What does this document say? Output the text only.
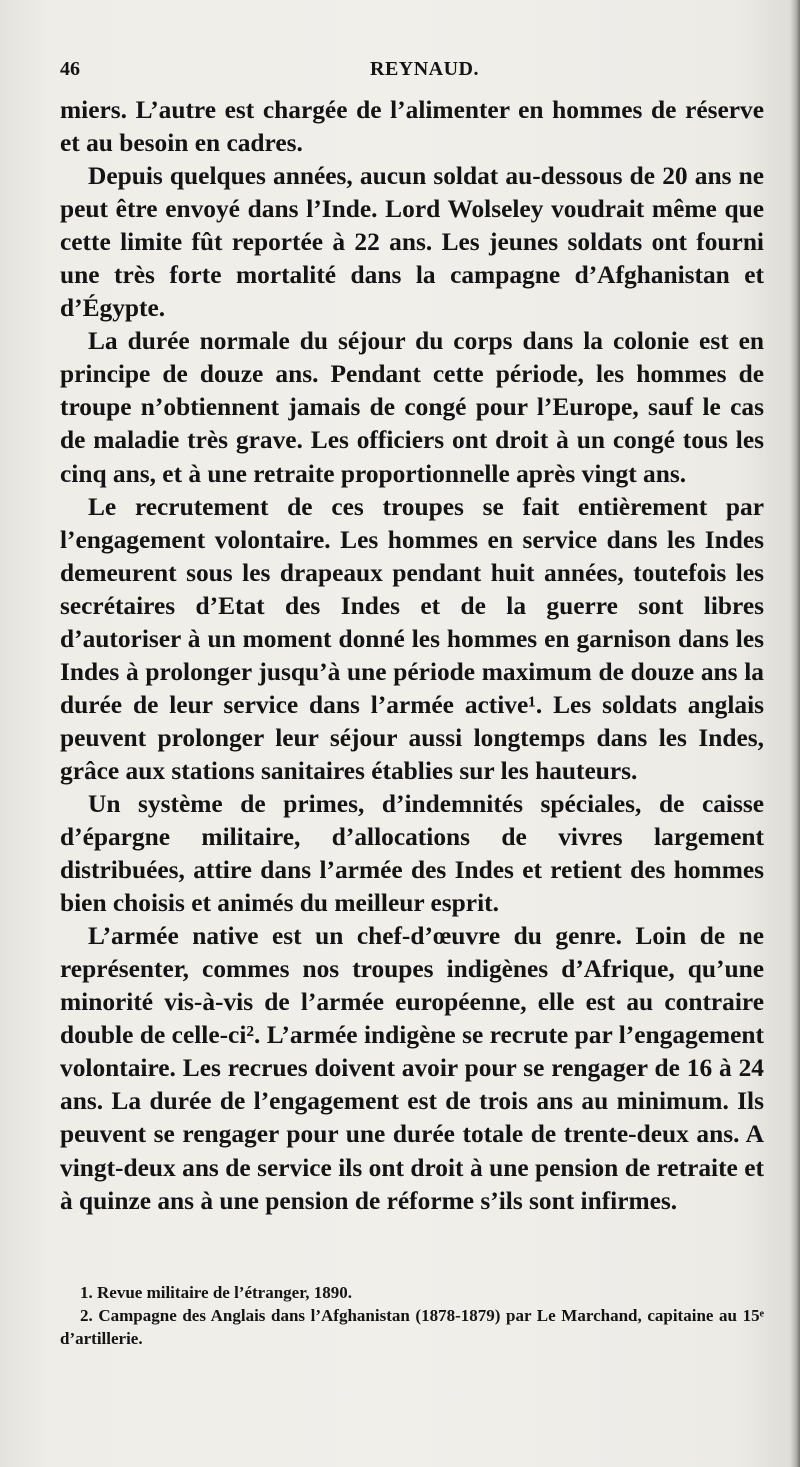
46	REYNAUD.

miers. L’autre est chargée de l’alimenter en hommes de réserve et au besoin en cadres.

Depuis quelques années, aucun soldat au-dessous de 20 ans ne peut être envoyé dans l’Inde. Lord Wolseley voudrait même que cette limite fût reportée à 22 ans. Les jeunes soldats ont fourni une très forte mortalité dans la campagne d’Afghanistan et d’Égypte.

La durée normale du séjour du corps dans la colonie est en principe de douze ans. Pendant cette période, les hommes de troupe n’obtiennent jamais de congé pour l’Europe, sauf le cas de maladie très grave. Les officiers ont droit à un congé tous les cinq ans, et à une retraite proportionnelle après vingt ans.

Le recrutement de ces troupes se fait entièrement par l’engagement volontaire. Les hommes en service dans les Indes demeurent sous les drapeaux pendant huit années, toutefois les secrétaires d’Etat des Indes et de la guerre sont libres d’autoriser à un moment donné les hommes en garnison dans les Indes à prolonger jusqu’à une période maximum de douze ans la durée de leur service dans l’armée active¹. Les soldats anglais peuvent prolonger leur séjour aussi longtemps dans les Indes, grâce aux stations sanitaires établies sur les hauteurs.

Un système de primes, d’indemnités spéciales, de caisse d’épargne militaire, d’allocations de vivres largement distribuées, attire dans l’armée des Indes et retient des hommes bien choisis et animés du meilleur esprit.

L’armée native est un chef-d’œuvre du genre. Loin de ne représenter, commes nos troupes indigènes d’Afrique, qu’une minorité vis-à-vis de l’armée européenne, elle est au contraire double de celle-ci². L’armée indigène se recrute par l’engagement volontaire. Les recrues doivent avoir pour se rengager de 16 à 24 ans. La durée de l’engagement est de trois ans au minimum. Ils peuvent se rengager pour une durée totale de trente-deux ans. A vingt-deux ans de service ils ont droit à une pension de retraite et à quinze ans à une pension de réforme s’ils sont infirmes.

1. Revue militaire de l’étranger, 1890.

2. Campagne des Anglais dans l’Afghanistan (1878-1879) par Le Marchand, capitaine au 15ᵉ d’artillerie.
